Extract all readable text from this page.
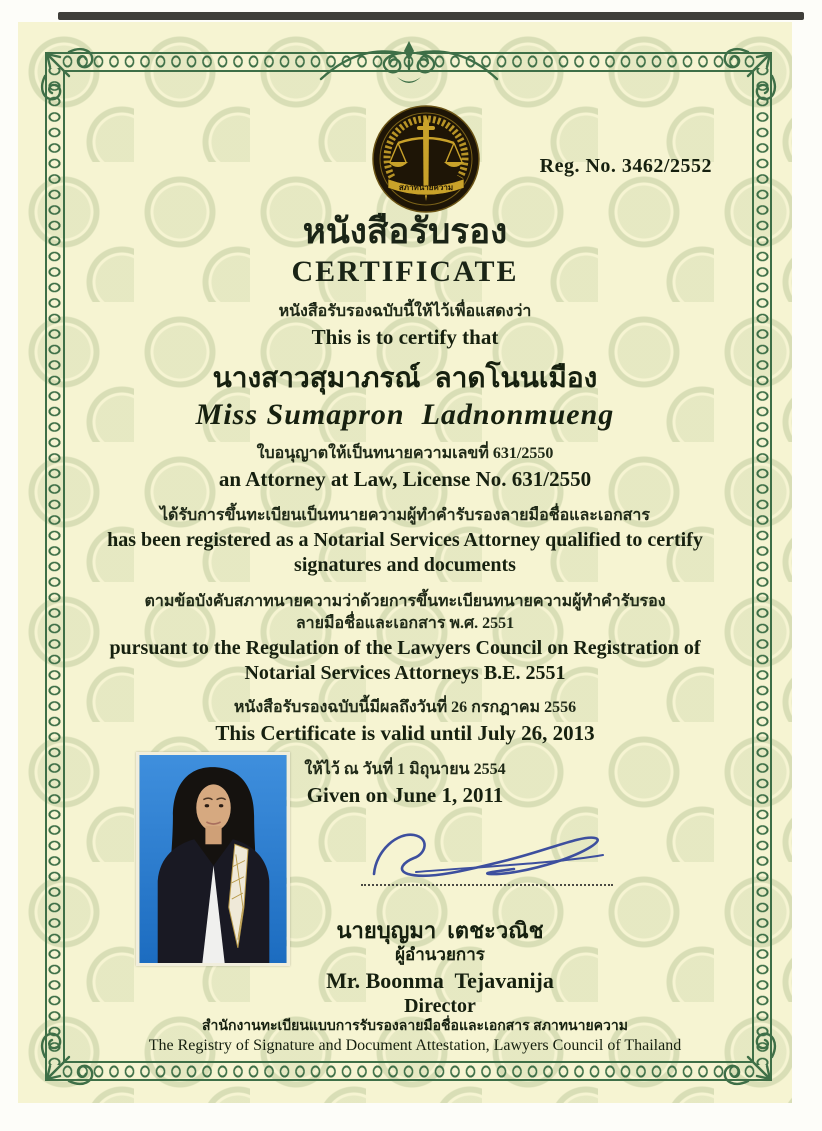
สภาทนายความ
Reg. No. 3462/2552
หนังสือรับรอง
CERTIFICATE
หนังสือรับรองฉบับนี้ให้ไว้เพื่อแสดงว่า
This is to certify that
นางสาวสุมาภรณ์  ลาดโนนเมือง
Miss Sumapron  Ladnonmueng
ใบอนุญาตให้เป็นทนายความเลขที่ 631/2550
an Attorney at Law, License No. 631/2550
ได้รับการขึ้นทะเบียนเป็นทนายความผู้ทำคำรับรองลายมือชื่อและเอกสาร
has been registered as a Notarial Services Attorney qualified to certify signatures and documents
ตามข้อบังคับสภาทนายความว่าด้วยการขึ้นทะเบียนทนายความผู้ทำคำรับรอง
ลายมือชื่อและเอกสาร พ.ศ. 2551
pursuant to the Regulation of the Lawyers Council on Registration of Notarial Services Attorneys B.E. 2551
หนังสือรับรองฉบับนี้มีผลถึงวันที่ 26 กรกฎาคม 2556
This Certificate is valid until July 26, 2013
ให้ไว้ ณ วันที่ 1 มิถุนายน 2554
Given on June 1, 2011
นายบุญมา  เตชะวณิช
ผู้อำนวยการ
Mr. Boonma  Tejavanija
Director
สำนักงานทะเบียนแบบการรับรองลายมือชื่อและเอกสาร สภาทนายความ
The Registry of Signature and Document Attestation, Lawyers Council of Thailand
